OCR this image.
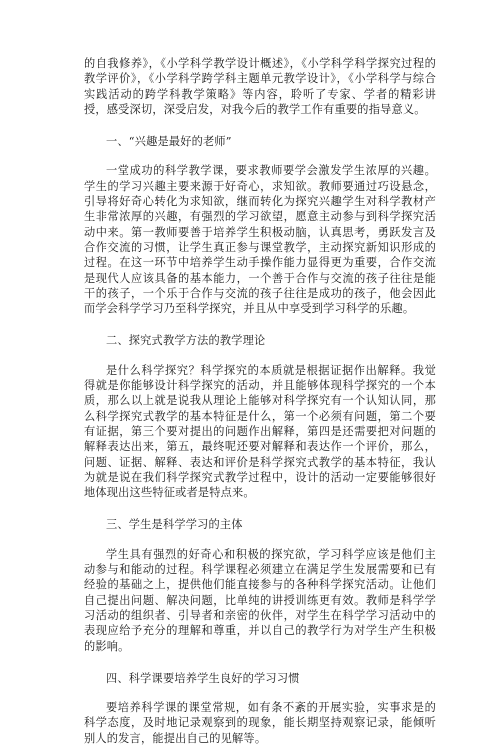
的自我修养》，《小学科学教学设计概述》，《小学科学科学探究过程的教学评价》，《小学科学跨学科主题单元教学设计》，《小学科学与综合实践活动的跨学科教学策略》等内容，聆听了专家、学者的精彩讲授，感受深切，深受启发，对我今后的教学工作有重要的指导意义。

一、“兴趣是最好的老师”

一堂成功的科学教学课，要求教师要学会激发学生浓厚的兴趣。学生的学习兴趣主要来源于好奇心，求知欲。教师要通过巧设悬念，引导将好奇心转化为求知欲，继而转化为探究兴趣学生对科学教材产生非常浓厚的兴趣，有强烈的学习欲望，愿意主动参与到科学探究活动中来。第一教师要善于培养学生积极动脑，认真思考，勇跃发言及合作交流的习惯，让学生真正参与课堂教学，主动探究新知识形成的过程。在这一环节中培养学生动手操作能力显得更为重要，合作交流是现代人应该具备的基本能力，一个善于合作与交流的孩子往往是能干的孩子，一个乐于合作与交流的孩子往往是成功的孩子，他会因此而学会科学学习乃至科学探究，并且从中享受到学习科学的乐趣。

二、探究式教学方法的教学理论

是什么科学探究？科学探究的本质就是根据证据作出解释。我觉得就是你能够设计科学探究的活动，并且能够体现科学探究的一个本质，那么以上就是说我从理论上能够对科学探究有一个认知认同，那么科学探究式教学的基本特征是什么，第一个必须有问题，第二个要有证据，第三个要对提出的问题作出解释，第四是还需要把对问题的解释表达出来，第五，最终呢还要对解释和表达作一个评价，那么，问题、证据、解释、表达和评价是科学探究式教学的基本特征，我认为就是说在我们科学探究式教学过程中，设计的活动一定要能够很好地体现出这些特征或者是特点来。

三、学生是科学学习的主体

学生具有强烈的好奇心和积极的探究欲，学习科学应该是他们主动参与和能动的过程。科学课程必须建立在满足学生发展需要和已有经验的基础之上，提供他们能直接参与的各种科学探究活动。让他们自己提出问题、解决问题，比单纯的讲授训练更有效。教师是科学学习活动的组织者、引导者和亲密的伙伴，对学生在科学学习活动中的表现应给予充分的理解和尊重，并以自己的教学行为对学生产生积极的影响。

四、科学课要培养学生良好的学习习惯

要培养科学课的课堂常规，如有条不紊的开展实验，实事求是的科学态度，及时地记录观察到的现象，能长期坚持观察记录，能倾听别人的发言，能提出自己的见解等。
